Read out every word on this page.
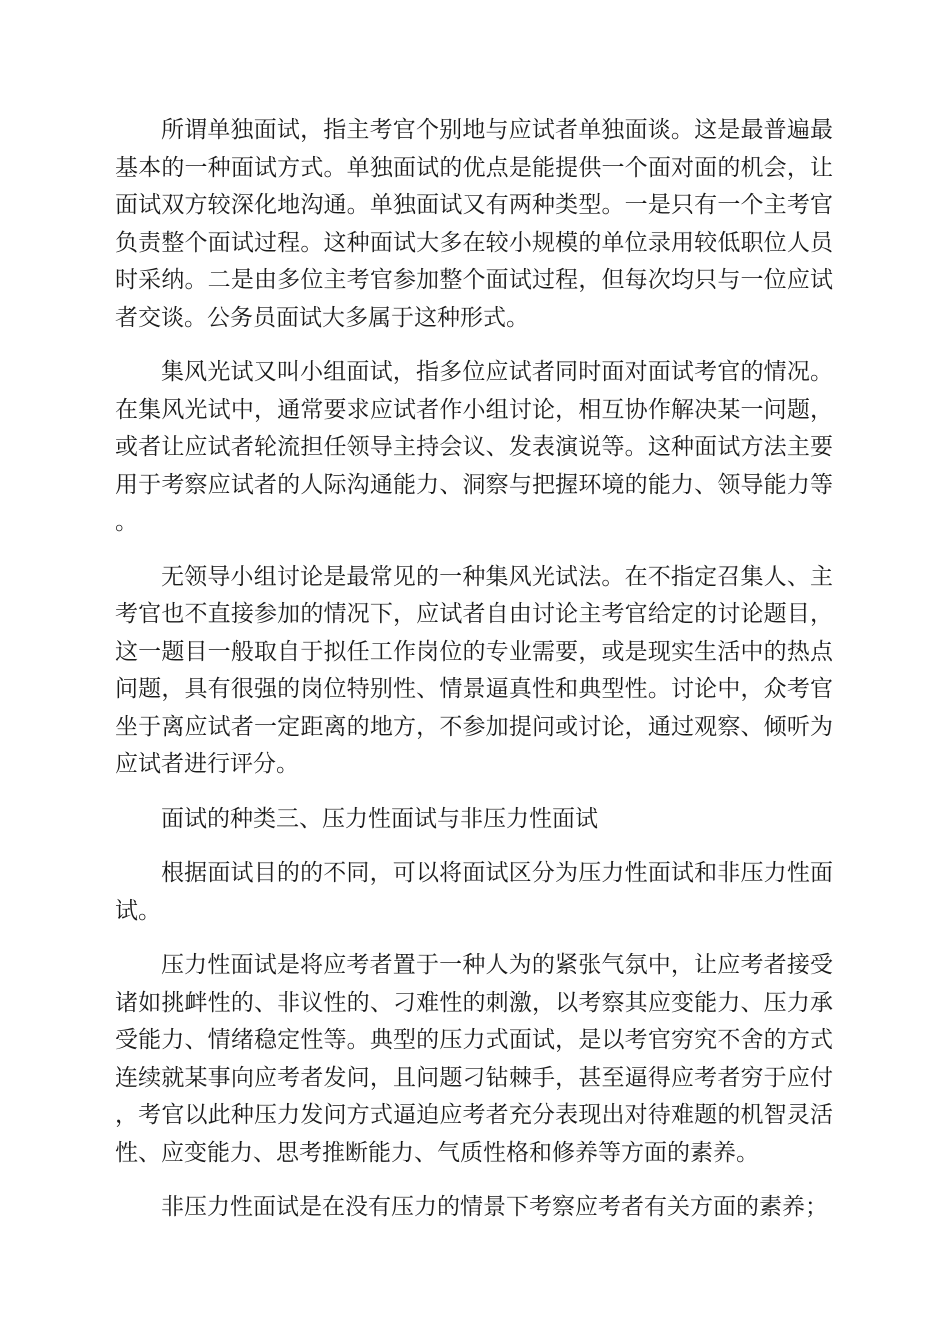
所谓单独面试，指主考官个别地与应试者单独面谈。这是最普遍最基本的一种面试方式。单独面试的优点是能提供一个面对面的机会，让面试双方较深化地沟通。单独面试又有两种类型。一是只有一个主考官负责整个面试过程。这种面试大多在较小规模的单位录用较低职位人员时采纳。二是由多位主考官参加整个面试过程，但每次均只与一位应试者交谈。公务员面试大多属于这种形式。

集风光试又叫小组面试，指多位应试者同时面对面试考官的情况。在集风光试中，通常要求应试者作小组讨论，相互协作解决某一问题，或者让应试者轮流担任领导主持会议、发表演说等。这种面试方法主要用于考察应试者的人际沟通能力、洞察与把握环境的能力、领导能力等。

无领导小组讨论是最常见的一种集风光试法。在不指定召集人、主考官也不直接参加的情况下，应试者自由讨论主考官给定的讨论题目，这一题目一般取自于拟任工作岗位的专业需要，或是现实生活中的热点问题，具有很强的岗位特别性、情景逼真性和典型性。讨论中，众考官坐于离应试者一定距离的地方，不参加提问或讨论，通过观察、倾听为应试者进行评分。

面试的种类三、压力性面试与非压力性面试

根据面试目的的不同，可以将面试区分为压力性面试和非压力性面试。

压力性面试是将应考者置于一种人为的紧张气氛中，让应考者接受诸如挑衅性的、非议性的、刁难性的刺激，以考察其应变能力、压力承受能力、情绪稳定性等。典型的压力式面试，是以考官穷究不舍的方式连续就某事向应考者发问，且问题刁钻棘手，甚至逼得应考者穷于应付，考官以此种压力发问方式逼迫应考者充分表现出对待难题的机智灵活性、应变能力、思考推断能力、气质性格和修养等方面的素养。

非压力性面试是在没有压力的情景下考察应考者有关方面的素养；
